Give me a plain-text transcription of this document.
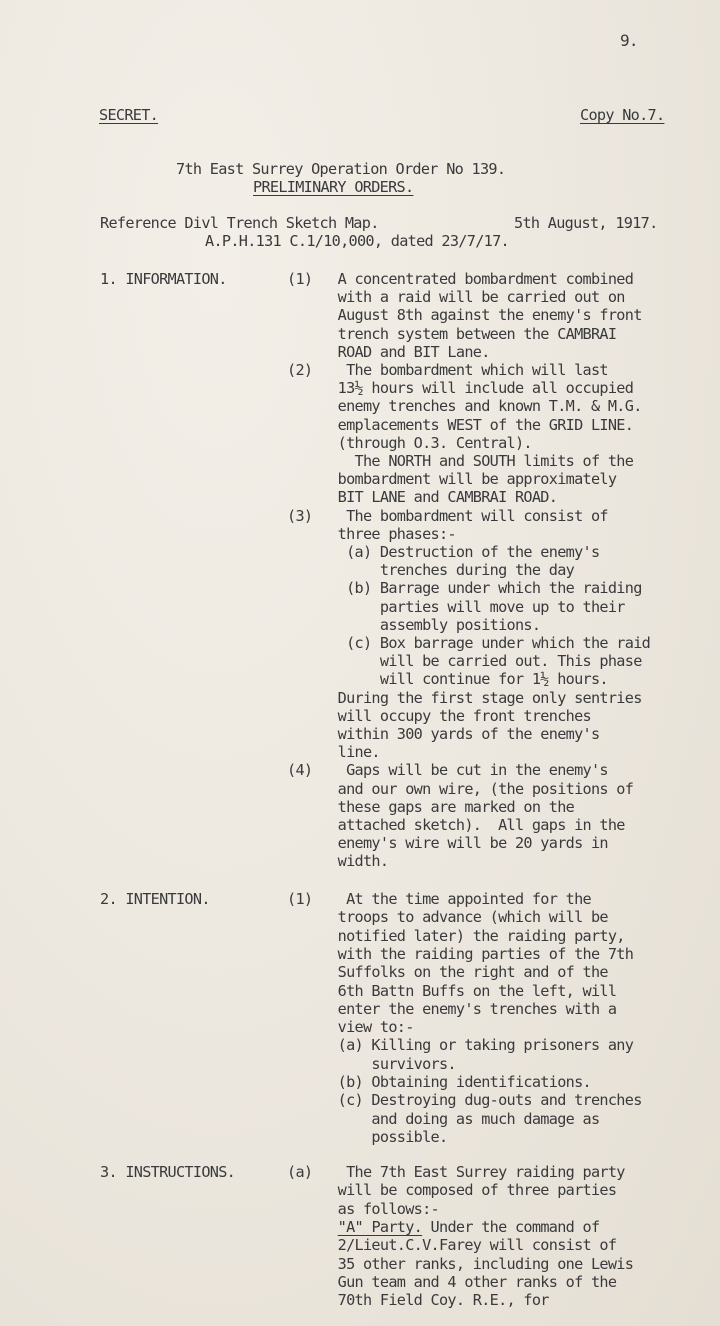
9.
SECRET.	Copy No.7.
7th East Surrey Operation Order No 139.
PRELIMINARY ORDERS.
Reference Divl Trench Sketch Map.	5th August, 1917.
A.P.H.131 C.1/10,000, dated 23/7/17.
1. INFORMATION.	(1)   A concentrated bombardment combined
with a raid will be carried out on
August 8th against the enemy's front
trench system between the CAMBRAI
ROAD and BIT Lane.
(2)    The bombardment which will last
13½ hours will include all occupied
enemy trenches and known T.M. & M.G.
emplacements WEST of the GRID LINE.
(through O.3. Central).
The NORTH and SOUTH limits of the
bombardment will be approximately
BIT LANE and CAMBRAI ROAD.
(3)    The bombardment will consist of
three phases:-
(a) Destruction of the enemy's
trenches during the day
(b) Barrage under which the raiding
parties will move up to their
assembly positions.
(c) Box barrage under which the raid
will be carried out. This phase
will continue for 1½ hours.
During the first stage only sentries
will occupy the front trenches
within 300 yards of the enemy's
line.
(4)    Gaps will be cut in the enemy's
and our own wire, (the positions of
these gaps are marked on the
attached sketch).  All gaps in the
enemy's wire will be 20 yards in
width.
2. INTENTION.	(1)    At the time appointed for the
troops to advance (which will be
notified later) the raiding party,
with the raiding parties of the 7th
Suffolks on the right and of the
6th Battn Buffs on the left, will
enter the enemy's trenches with a
view to:-
(a) Killing or taking prisoners any
survivors.
(b) Obtaining identifications.
(c) Destroying dug-outs and trenches
and doing as much damage as
possible.
3. INSTRUCTIONS.	(a)    The 7th East Surrey raiding party
will be composed of three parties
as follows:-
"A" Party. Under the command of
2/Lieut.C.V.Farey will consist of
35 other ranks, including one Lewis
Gun team and 4 other ranks of the
70th Field Coy. R.E., for
